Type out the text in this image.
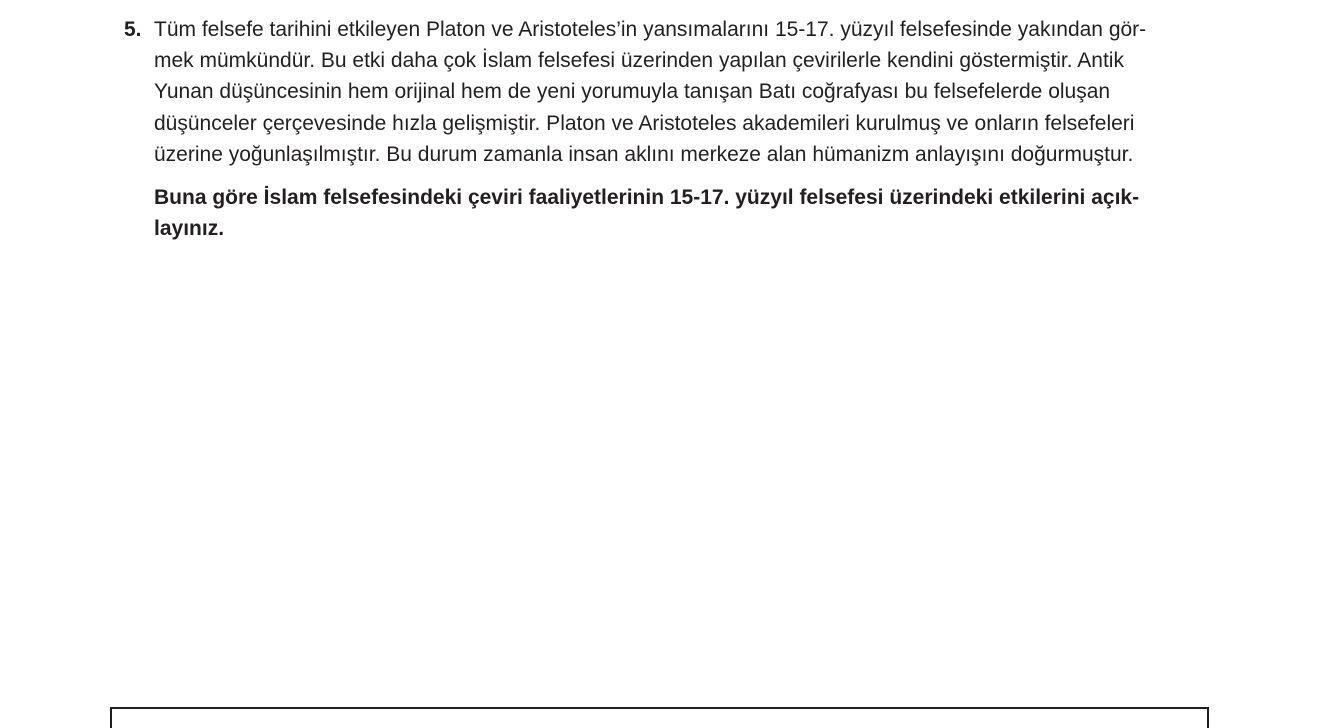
5. Tüm felsefe tarihini etkileyen Platon ve Aristoteles’in yansımalarını 15-17. yüzyıl felsefesinde yakından gör-
mek mümkündür. Bu etki daha çok İslam felsefesi üzerinden yapılan çevirilerle kendini göstermiştir. Antik
Yunan düşüncesinin hem orijinal hem de yeni yorumuyla tanışan Batı coğrafyası bu felsefelerde oluşan
düşünceler çerçevesinde hızla gelişmiştir. Platon ve Aristoteles akademileri kurulmuş ve onların felsefeleri
üzerine yoğunlaşılmıştır. Bu durum zamanla insan aklını merkeze alan hümanizm anlayışını doğurmuştur.
Buna göre İslam felsefesindeki çeviri faaliyetlerinin 15-17. yüzyıl felsefesi üzerindeki etkilerini açık-
layınız.
